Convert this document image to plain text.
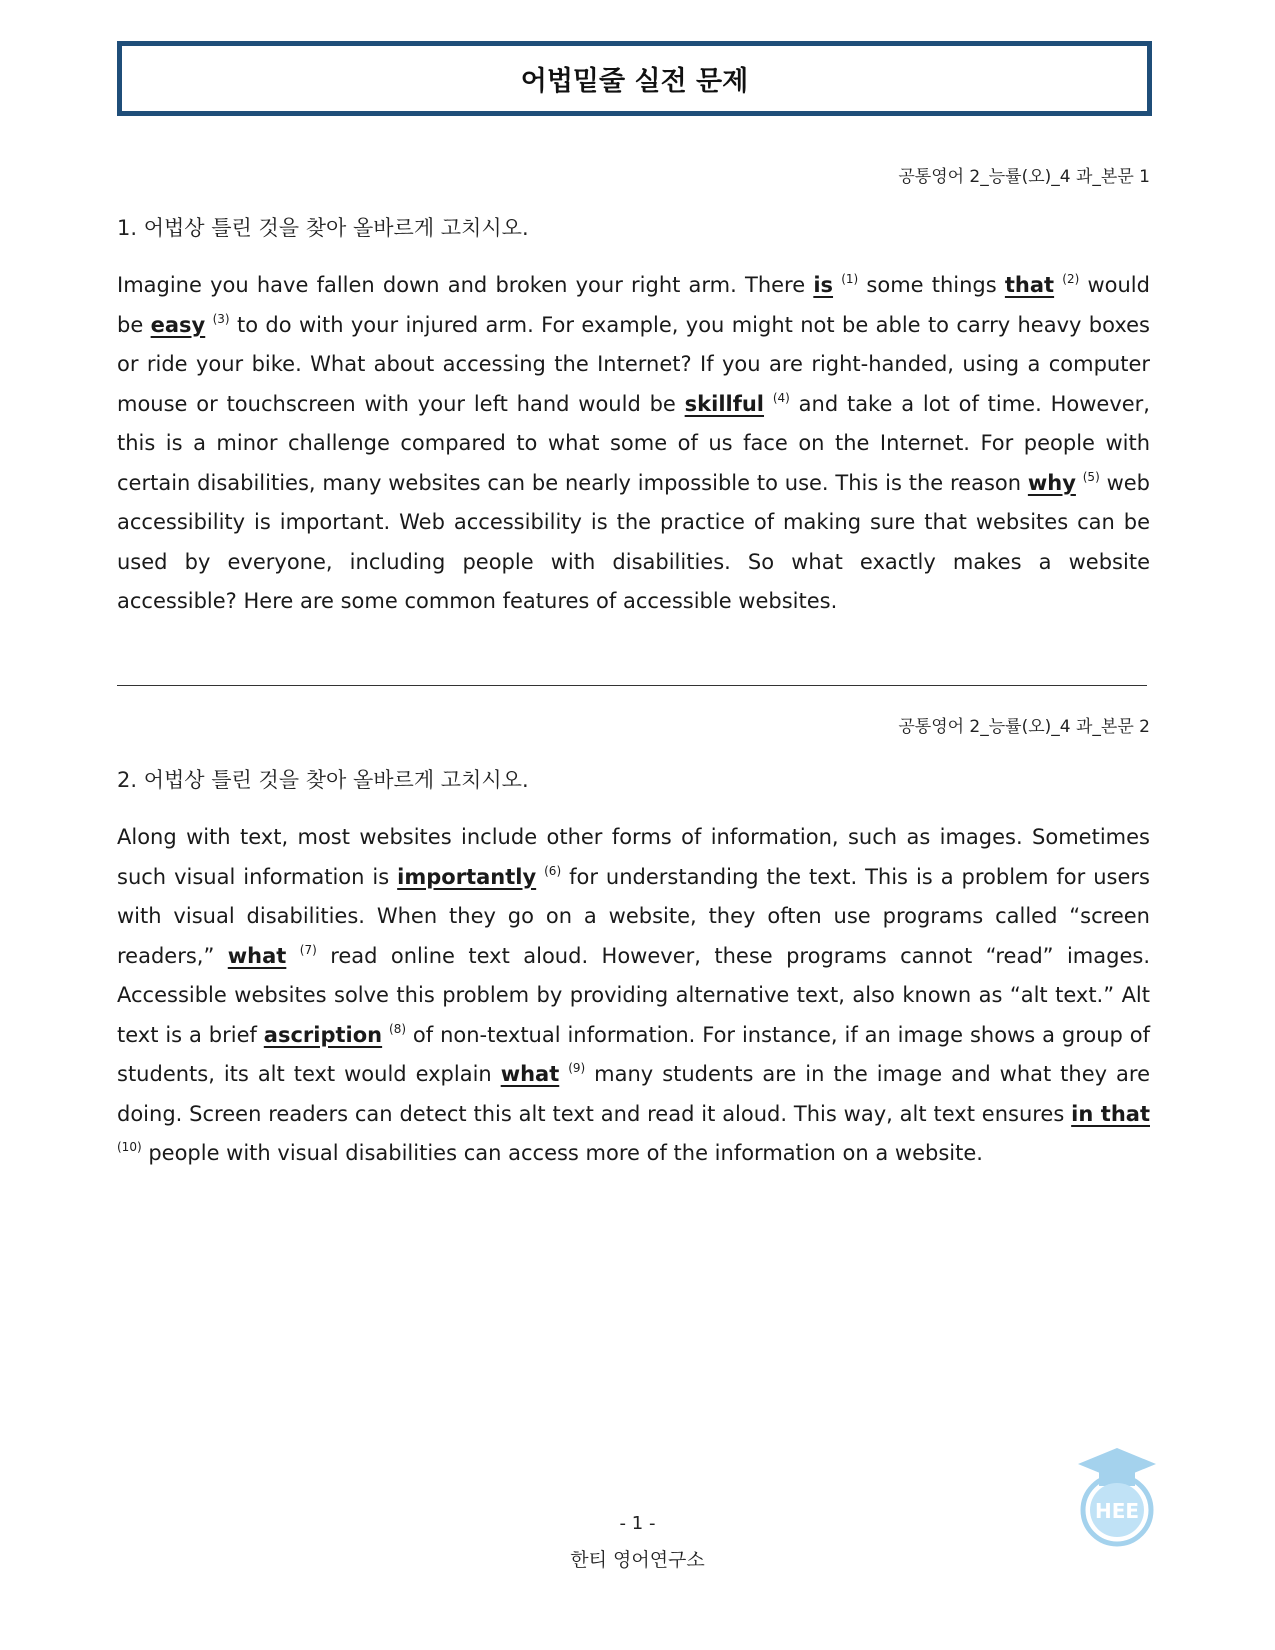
어법밑줄 실전 문제
공통영어 2_능률(오)_4 과_본문 1
1. 어법상 틀린 것을 찾아 올바르게 고치시오.

Imagine you have fallen down and broken your right arm. There is $^{(1)}$ some things that $^{(2)}$ would be easy $^{(3)}$ to do with your injured arm. For example, you might not be able to carry heavy boxes or ride your bike. What about accessing the Internet? If you are right-handed, using a computer mouse or touchscreen with your left hand would be skillful $^{(4)}$ and take a lot of time. However, this is a minor challenge compared to what some of us face on the Internet. For people with certain disabilities, many websites can be nearly impossible to use. This is the reason why $^{(5)}$ web accessibility is important. Web accessibility is the practice of making sure that websites can be used by everyone, including people with disabilities. So what exactly makes a website accessible? Here are some common features of accessible websites.

공통영어 2_능률(오)_4 과_본문 2
2. 어법상 틀린 것을 찾아 올바르게 고치시오.

Along with text, most websites include other forms of information, such as images. Sometimes such visual information is importantly $^{(6)}$ for understanding the text. This is a problem for users with visual disabilities. When they go on a website, they often use programs called “screen readers,” what $^{(7)}$ read online text aloud. However, these programs cannot “read” images. Accessible websites solve this problem by providing alternative text, also known as “alt text.” Alt text is a brief ascription $^{(8)}$ of non-textual information. For instance, if an image shows a group of students, its alt text would explain what $^{(9)}$ many students are in the image and what they are doing. Screen readers can detect this alt text and read it aloud. This way, alt text ensures in that $^{(10)}$ people with visual disabilities can access more of the information on a website.

HEE
- 1 -
한티 영어연구소
